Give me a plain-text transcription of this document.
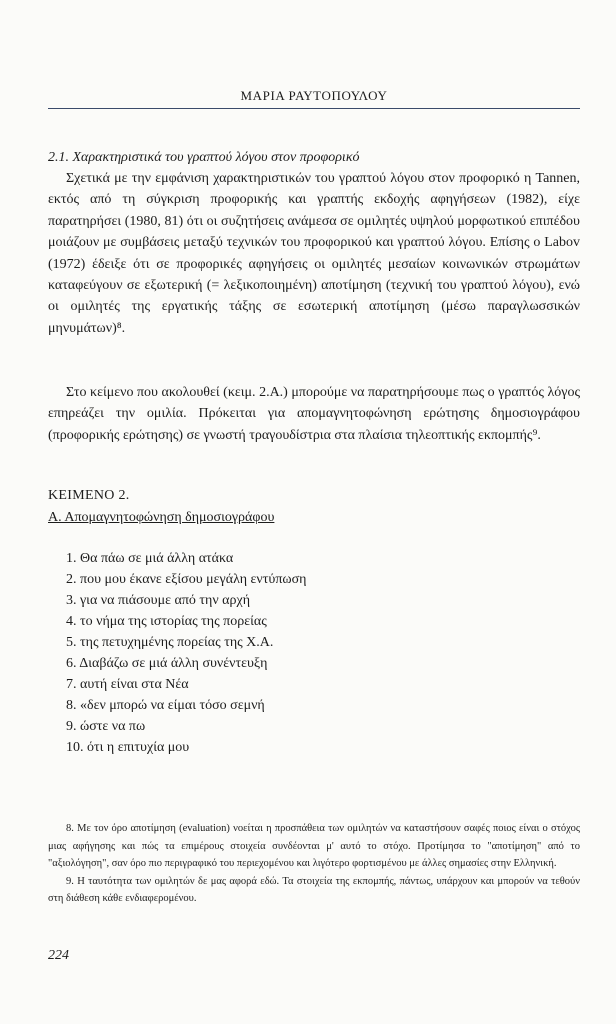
ΜΑΡΙΑ ΡΑΥΤΟΠΟΥΛΟΥ
2.1. Χαρακτηριστικά του γραπτού λόγου στον προφορικό

Σχετικά με την εμφάνιση χαρακτηριστικών του γραπτού λόγου στον προφορικό η Tannen, εκτός από τη σύγκριση προφορικής και γραπτής εκδοχής αφηγήσεων (1982), είχε παρατηρήσει (1980, 81) ότι οι συζητήσεις ανάμεσα σε ομιλητές υψηλού μορφωτικού επιπέδου μοιάζουν με συμβάσεις μεταξύ τεχνικών του προφορικού και γραπτού λόγου. Επίσης ο Labov (1972) έδειξε ότι σε προφορικές αφηγήσεις οι ομιλητές μεσαίων κοινωνικών στρωμάτων καταφεύγουν σε εξωτερική (= λεξικοποιημένη) αποτίμηση (τεχνική του γραπτού λόγου), ενώ οι ομιλητές της εργατικής τάξης σε εσωτερική αποτίμηση (μέσω παραγλωσσικών μηνυμάτων)⁸.

Στο κείμενο που ακολουθεί (κειμ. 2.Α.) μπορούμε να παρατηρήσουμε πως ο γραπτός λόγος επηρεάζει την ομιλία. Πρόκειται για απομαγνητοφώνηση ερώτησης δημοσιογράφου (προφορικής ερώτησης) σε γνωστή τραγουδίστρια στα πλαίσια τηλεοπτικής εκπομπής⁹.

ΚΕΙΜΕΝΟ 2.
Α. Απομαγνητοφώνηση δημοσιογράφου
1. Θα πάω σε μιά άλλη ατάκα
2. που μου έκανε εξίσου μεγάλη εντύπωση
3. για να πιάσουμε από την αρχή
4. το νήμα της ιστορίας της πορείας
5. της πετυχημένης πορείας της Χ.Α.
6. Διαβάζω σε μιά άλλη συνέντευξη
7. αυτή είναι στα Νέα
8. «δεν μπορώ να είμαι τόσο σεμνή
9. ώστε να πω
10. ότι η επιτυχία μου

8. Με τον όρο αποτίμηση (evaluation) νοείται η προσπάθεια των ομιλητών να καταστήσουν σαφές ποιος είναι ο στόχος μιας αφήγησης και πώς τα επιμέρους στοιχεία συνδέονται μ' αυτό το στόχο. Προτίμησα το "αποτίμηση" από το "αξιολόγηση", σαν όρο πιο περιγραφικό του περιεχομένου και λιγότερο φορτισμένου με άλλες σημασίες στην Ελληνική.

9. Η ταυτότητα των ομιλητών δε μας αφορά εδώ. Τα στοιχεία της εκπομπής, πάντως, υπάρχουν και μπορούν να τεθούν στη διάθεση κάθε ενδιαφερομένου.

224
